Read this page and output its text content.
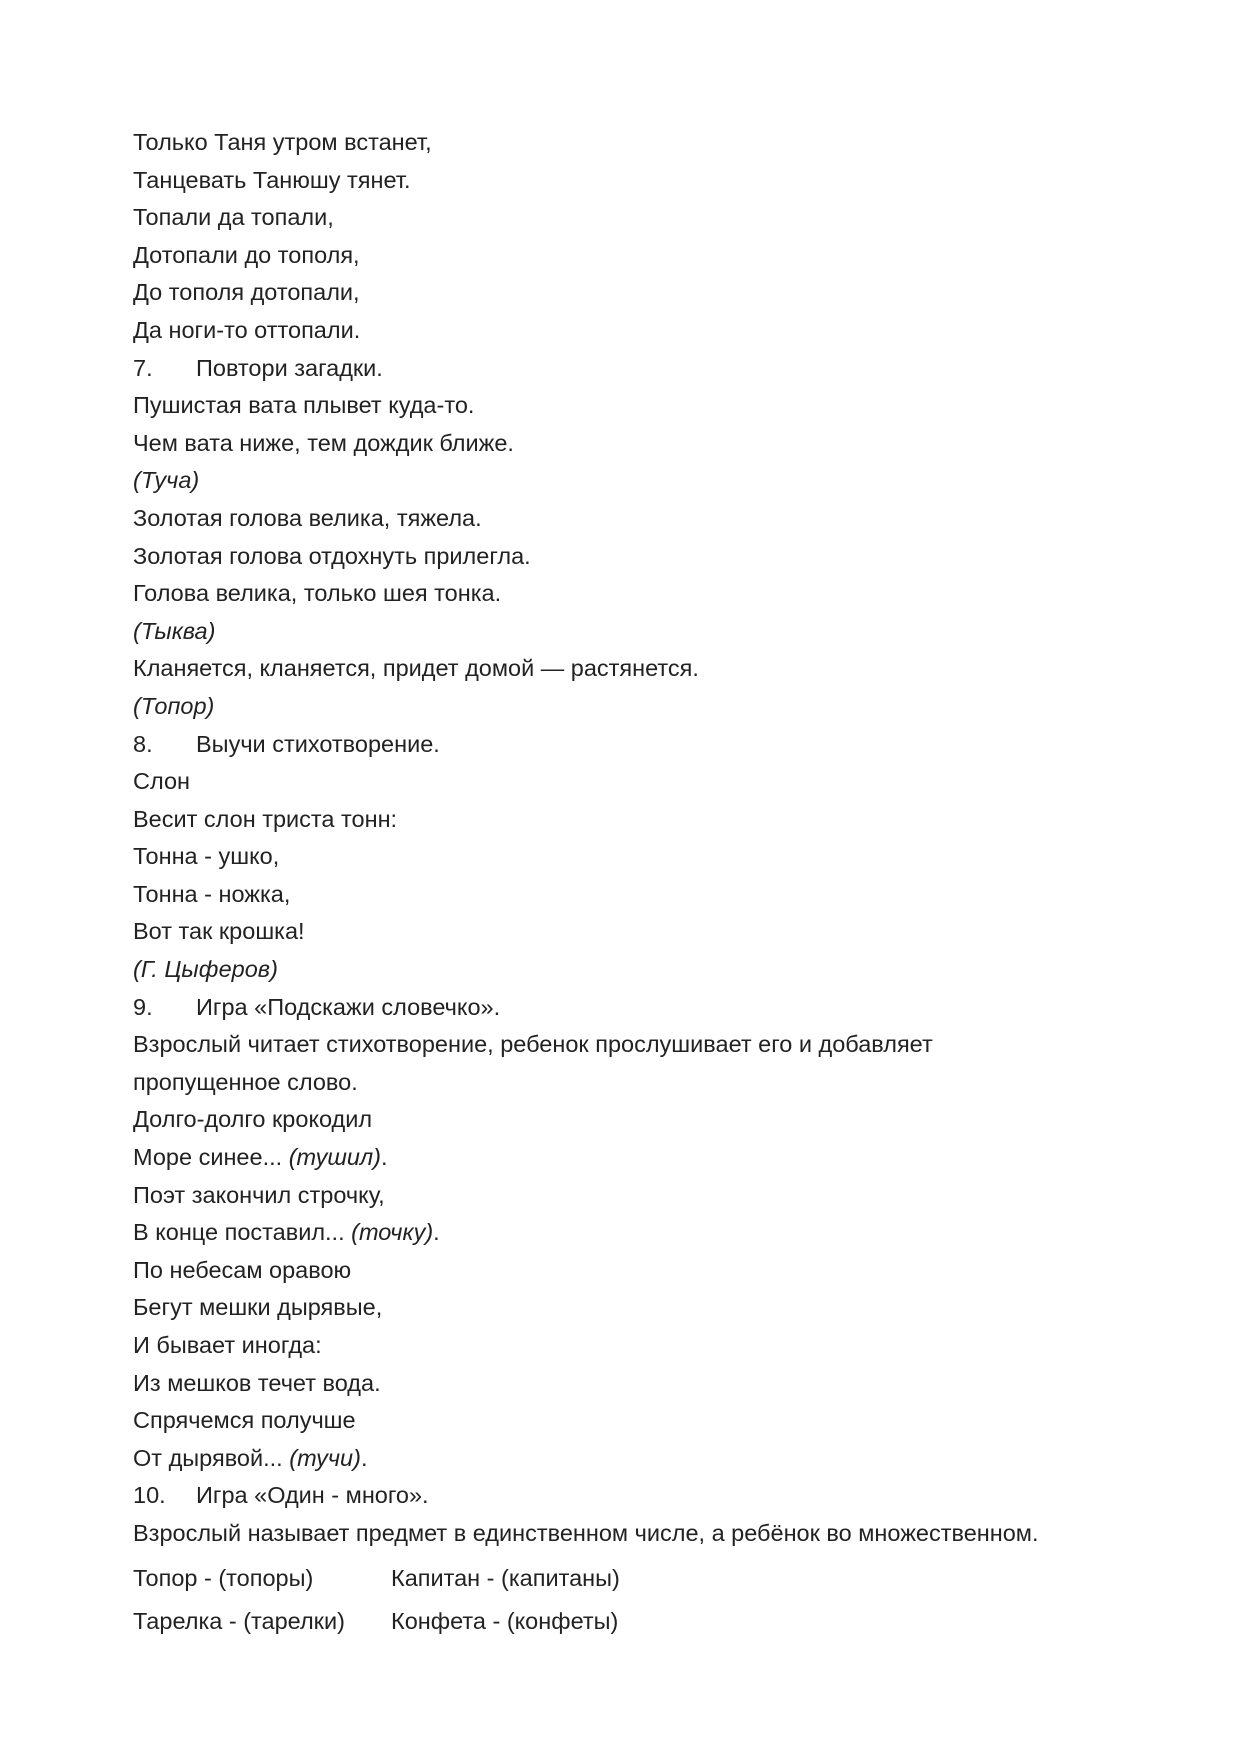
Только Таня утром встанет,
Танцевать Танюшу тянет.
Топали да топали,
Дотопали до тополя,
До тополя дотопали,
Да ноги-то оттопали.
7. Повтори загадки.
Пушистая вата плывет куда-то.
Чем вата ниже, тем дождик ближе.
(Туча)
Золотая голова велика, тяжела.
Золотая голова отдохнуть прилегла.
Голова велика, только шея тонка.
(Тыква)
Кланяется, кланяется, придет домой — растянется.
(Топор)
8. Выучи стихотворение.
Слон
Весит слон триста тонн:
Тонна - ушко,
Тонна - ножка,
Вот так крошка!
(Г. Цыферов)
9. Игра «Подскажи словечко».
Взрослый читает стихотворение, ребенок прослушивает его и добавляет
пропущенное слово.
Долго-долго крокодил
Море синее... (тушил).
Поэт закончил строчку,
В конце поставил... (точку).
По небесам оравою
Бегут мешки дырявые,
И бывает иногда:
Из мешков течет вода.
Спрячемся получше
От дырявой... (тучи).
10. Игра «Один - много».
Взрослый называет предмет в единственном числе, а ребёнок во множественном.
Топор - (топоры)	Капитан - (капитаны)
Тарелка - (тарелки) Конфета - (конфеты)
